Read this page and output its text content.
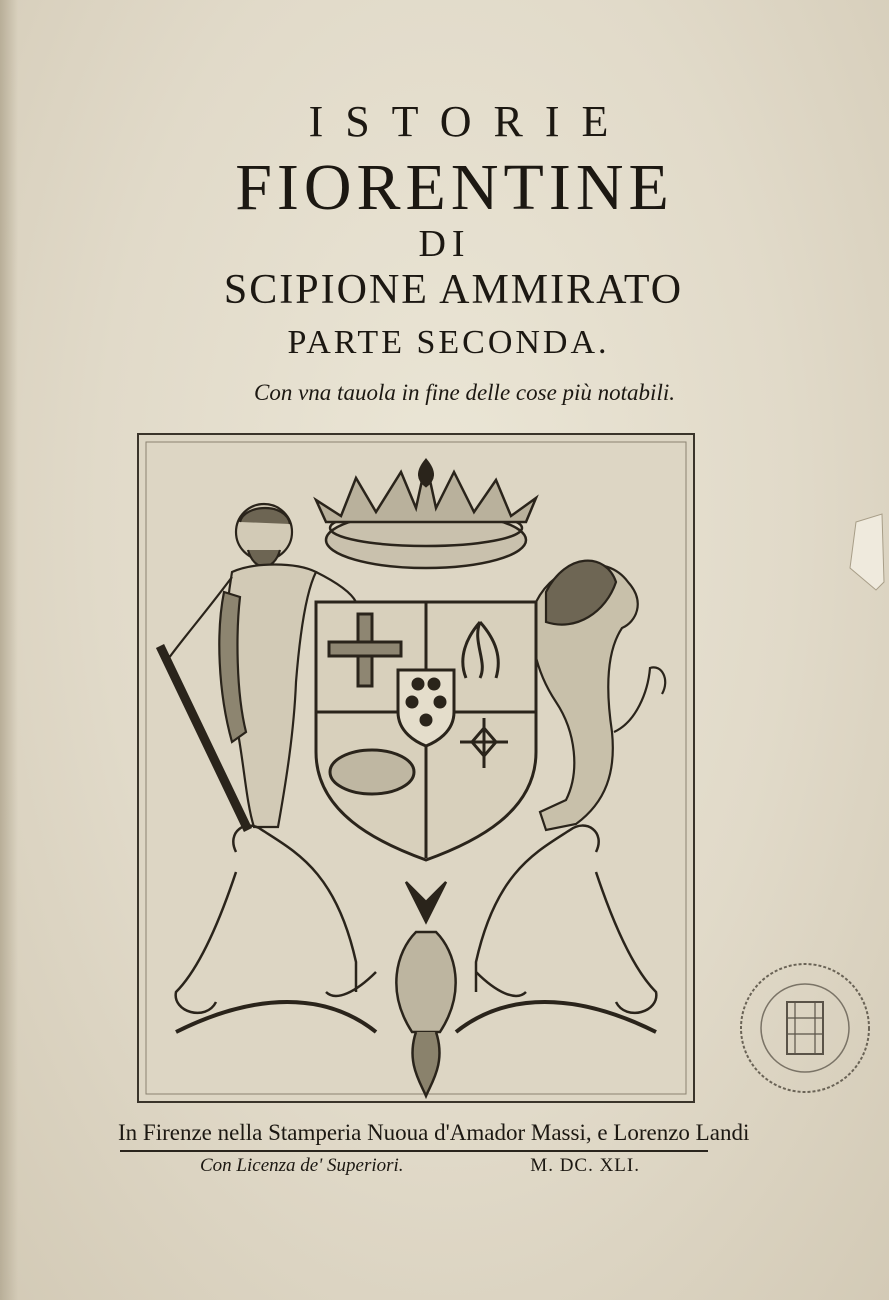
ISTORIE
FIORENTINE
DI
SCIPIONE AMMIRATO
PARTE SECONDA.
Con vna tauola in fine delle cose più notabili.
In Firenze nella Stamperia Nuoua d'Amador Massi, e Lorenzo Landi
Con Licenza de' Superiori.	M. DC. XLI.
